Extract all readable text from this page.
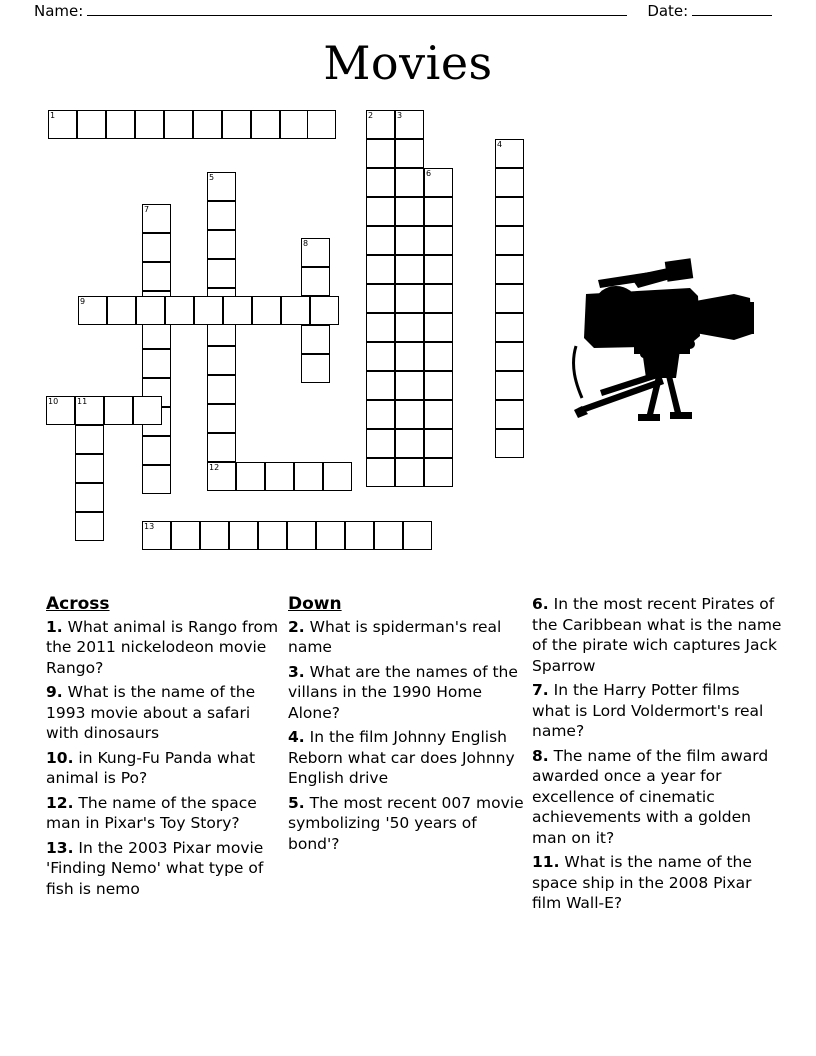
Name:	Date:
Movies
1	2	3
6
4
5
12
7
8
9
10 11
13
Across
1. What animal is Rango from the 2011 nickelodeon movie Rango?
9. What is the name of the 1993 movie about a safari with dinosaurs
10. in Kung-Fu Panda what animal is Po?
12. The name of the space man in Pixar's Toy Story?
13. In the 2003 Pixar movie 'Finding Nemo' what type of fish is nemo
Down
2. What is spiderman's real name
3. What are the names of the villans in the 1990 Home Alone?
4. In the film Johnny English Reborn what car does Johnny English drive
5. The most recent 007 movie symbolizing '50 years of bond'?
6. In the most recent Pirates of the Caribbean what is the name of the pirate wich captures Jack Sparrow
7. In the Harry Potter films what is Lord Voldermort's real name?
8. The name of the film award awarded once a year for excellence of cinematic achievements with a golden man on it?
11. What is the name of the space ship in the 2008 Pixar film Wall-E?
